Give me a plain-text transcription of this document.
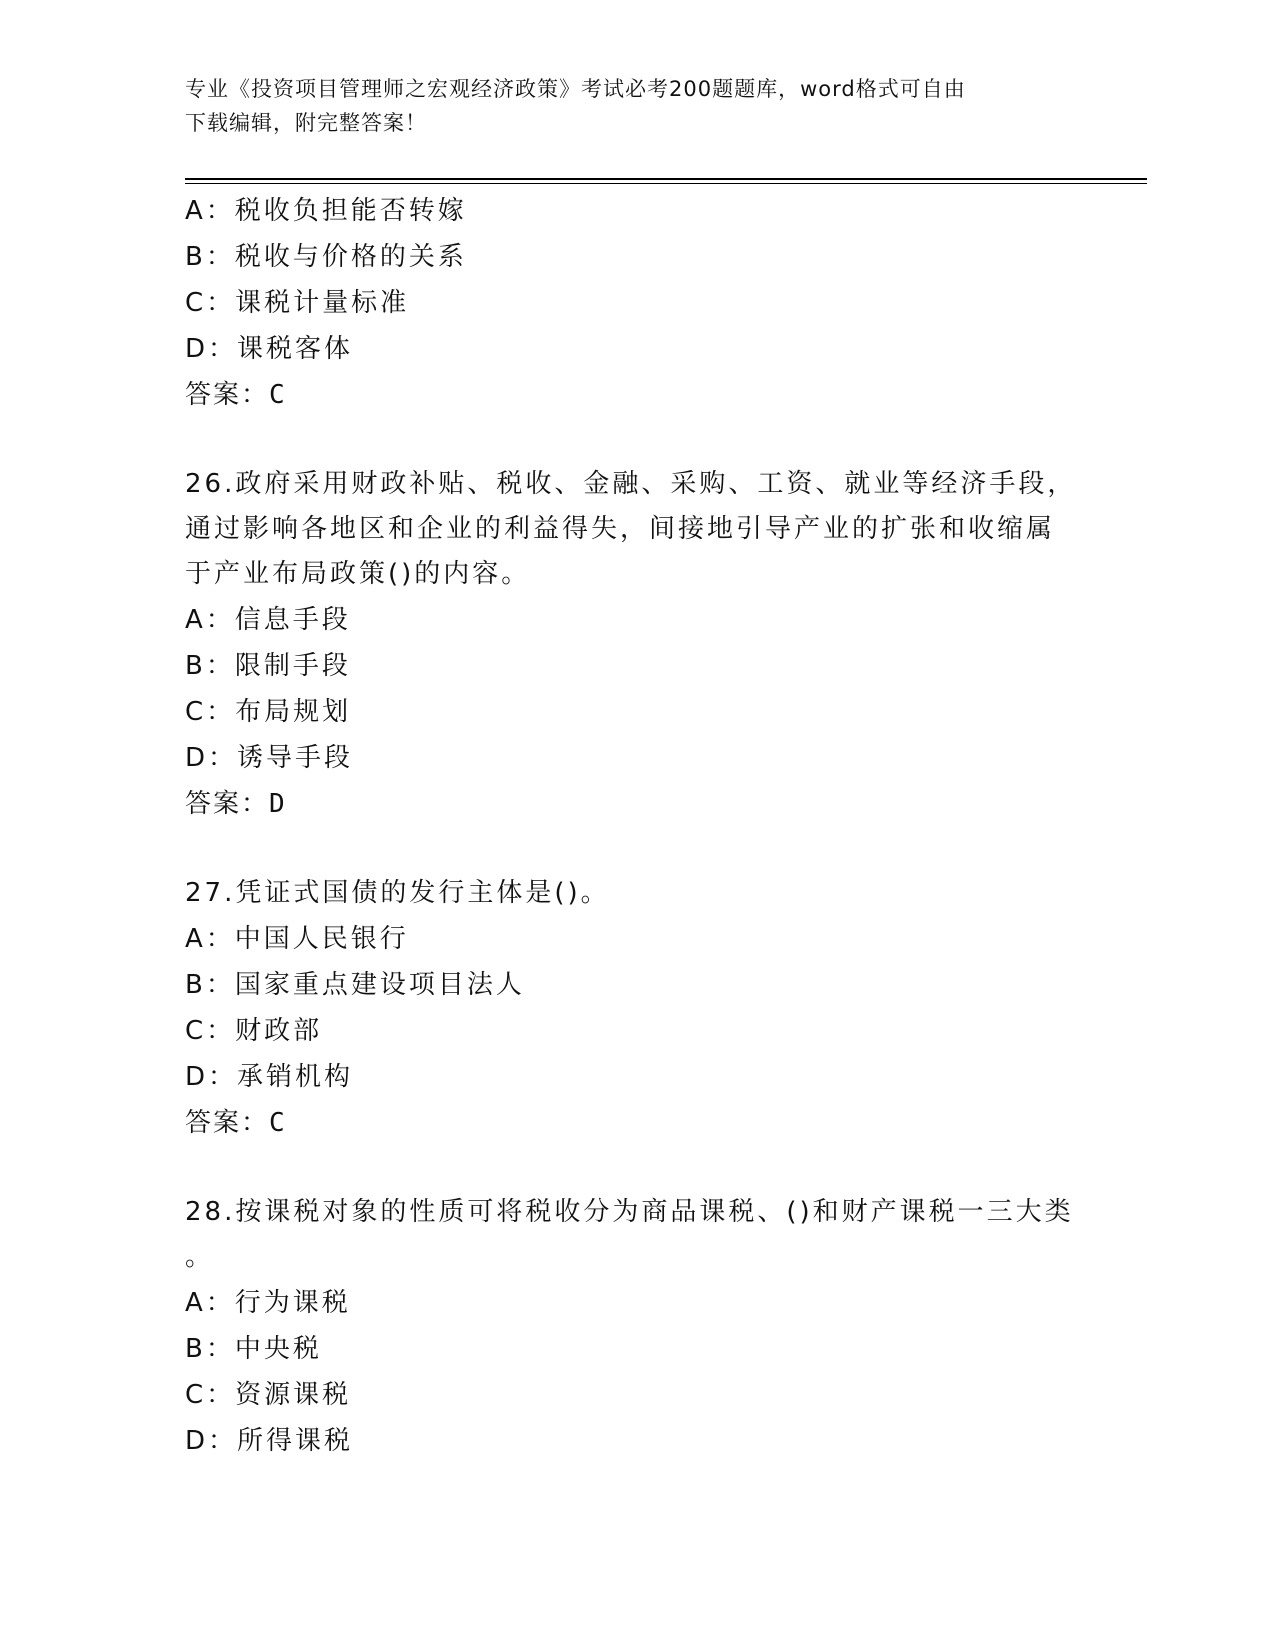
专业《投资项目管理师之宏观经济政策》考试必考200题题库，word格式可自由
下载编辑，附完整答案！
A：税收负担能否转嫁
B：税收与价格的关系
C：课税计量标准
D：课税客体
答案：C
26.政府采用财政补贴、税收、金融、采购、工资、就业等经济手段，
通过影响各地区和企业的利益得失，间接地引导产业的扩张和收缩属
于产业布局政策()的内容。
A：信息手段
B：限制手段
C：布局规划
D：诱导手段
答案：D
27.凭证式国债的发行主体是()。
A：中国人民银行
B：国家重点建设项目法人
C：财政部
D：承销机构
答案：C
28.按课税对象的性质可将税收分为商品课税、()和财产课税一三大类
。
A：行为课税
B：中央税
C：资源课税
D：所得课税
